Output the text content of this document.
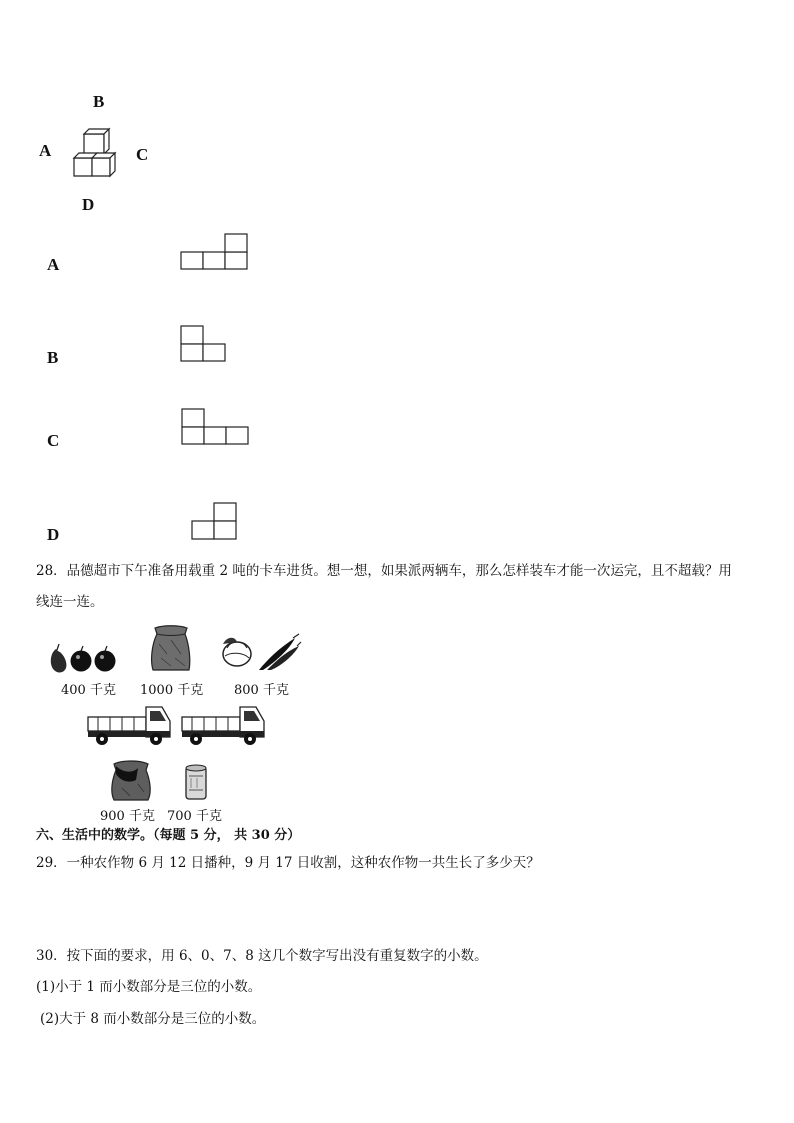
B
A	C
D
A
B
C
D
28．品德超市下午准备用载重 2 吨的卡车进货。想一想，如果派两辆车，那么怎样装车才能一次运完，且不超载？用
线连一连。
400 千克 1000 千克 800 千克
900 千克 700 千克
六、生活中的数学。（每题 5 分， 共 30 分）
29．一种农作物 6 月 12 日播种，9 月 17 日收割，这种农作物一共生长了多少天？
30．按下面的要求，用 6、0、7、8 这几个数字写出没有重复数字的小数。
(1)小于 1 而小数部分是三位的小数。
(2)大于 8 而小数部分是三位的小数。
